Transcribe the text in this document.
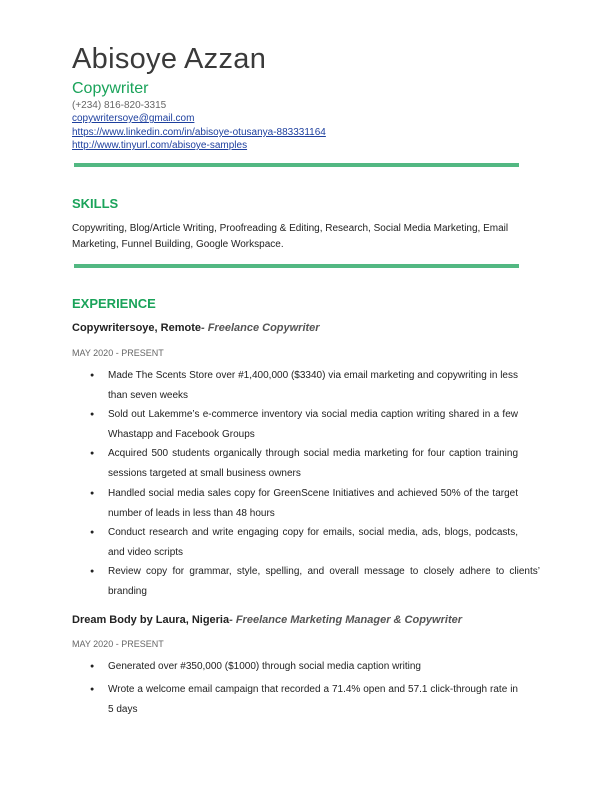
Abisoye Azzan
Copywriter
(+234) 816-820-3315
copywritersoye@gmail.com
https://www.linkedin.com/in/abisoye-otusanya-883331164
http://www.tinyurl.com/abisoye-samples
SKILLS
Copywriting, Blog/Article Writing, Proofreading & Editing, Research, Social Media Marketing, Email Marketing, Funnel Building, Google Workspace.
EXPERIENCE
Copywritersoye, Remote- Freelance Copywriter
MAY 2020 - PRESENT
● Made The Scents Store over #1,400,000 ($3340) via email marketing and copywriting in less than seven weeks
● Sold out Lakemme’s e-commerce inventory via social media caption writing shared in a few Whastapp and Facebook Groups
● Acquired 500 students organically through social media marketing for four caption training sessions targeted at small business owners
● Handled social media sales copy for GreenScene Initiatives and achieved 50% of the target number of leads in less than 48 hours
● Conduct research and write engaging copy for emails, social media, ads, blogs, podcasts, and video scripts
● Review copy for grammar, style, spelling, and overall message to closely adhere to clients’ branding
Dream Body by Laura, Nigeria- Freelance Marketing Manager & Copywriter
MAY 2020 - PRESENT
● Generated over #350,000 ($1000) through social media caption writing
● Wrote a welcome email campaign that recorded a 71.4% open and 57.1 click-through rate in 5 days
